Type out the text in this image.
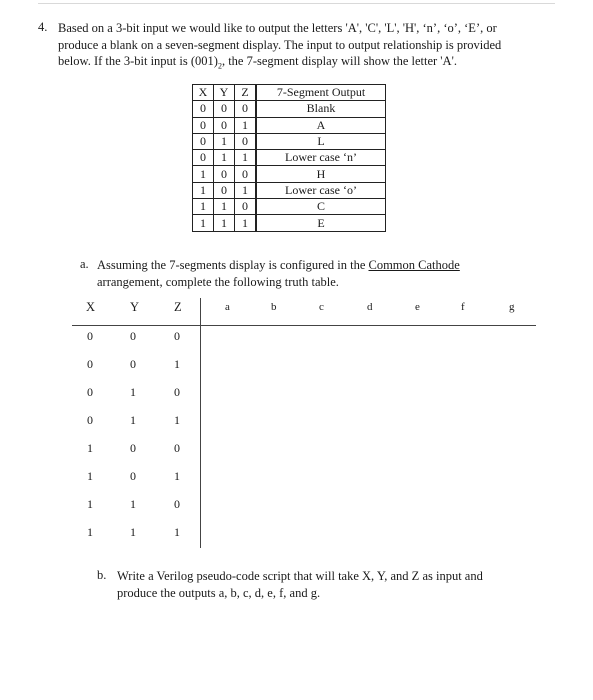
4. Based on a 3-bit input we would like to output the letters 'A', 'C', 'L', 'H', ‘n’, ‘o’, ‘E’, or produce a blank on a seven-segment display. The input to output relationship is provided below. If the 3-bit input is $(001)_2$, the 7-segment display will show the letter 'A'.
X	Y	Z	7-Segment Output
0	0	0	Blank
0	0	1	A
0	1	0	L
0	1	1	Lower case ‘n’
1	0	0	H
1	0	1	Lower case ‘o’
1	1	0	C
1	1	1	E
a. Assuming the 7-segments display is configured in the Common Cathode arrangement, complete the following truth table.
X	Y	Z	a	b	c	d	e	f	g
0	0	0
0	0	1
0	1	0
0	1	1
1	0	0
1	0	1
1	1	0
1	1	1
b. Write a Verilog pseudo-code script that will take X, Y, and Z as input and produce the outputs a, b, c, d, e, f, and g.
